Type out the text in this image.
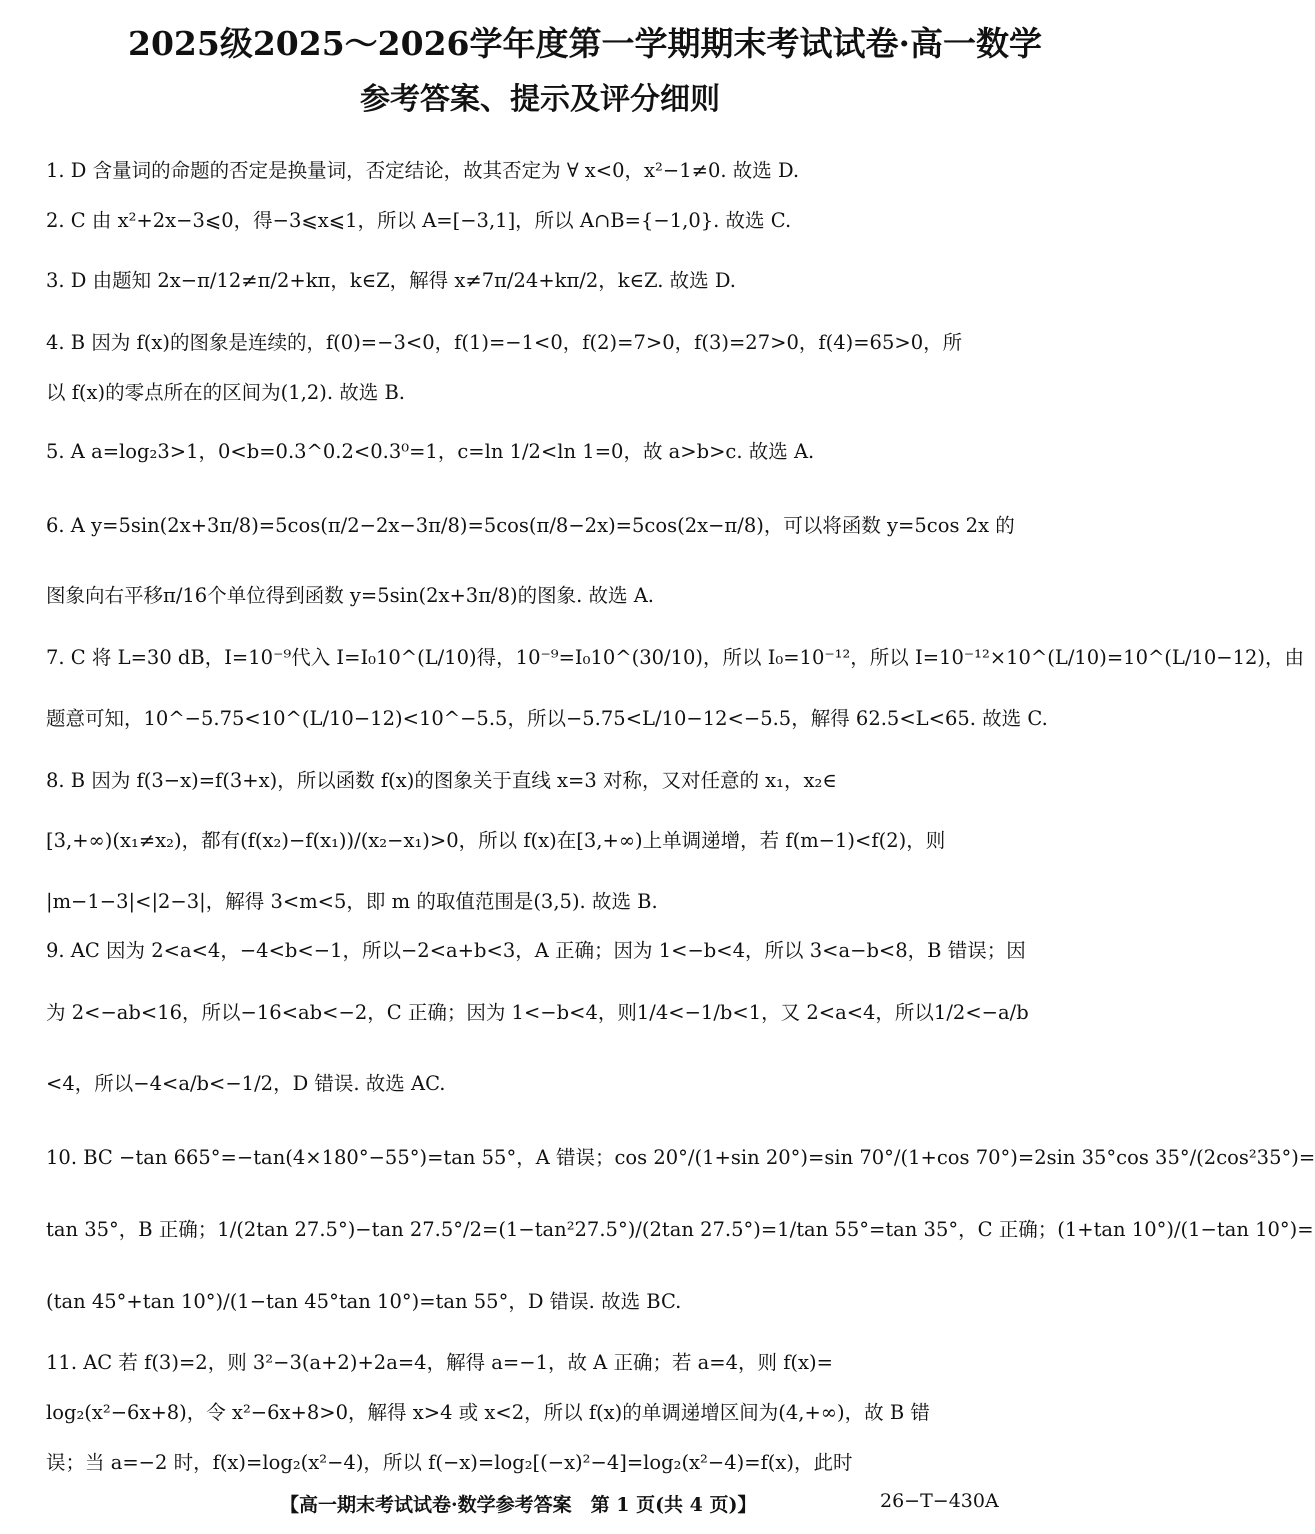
2025级2025～2026学年度第一学期期末考试试卷·高一数学
参考答案、提示及评分细则
1. D 含量词的命题的否定是换量词，否定结论，故其否定为 ∀ x<0，x²−1≠0. 故选 D.
2. C 由 x²+2x−3⩽0，得−3⩽x⩽1，所以 A=[−3,1]，所以 A∩B={−1,0}. 故选 C.
3. D 由题知 2x−π/12≠π/2+kπ，k∈Z，解得 x≠7π/24+kπ/2，k∈Z. 故选 D.
4. B 因为 f(x)的图象是连续的，f(0)=−3<0，f(1)=−1<0，f(2)=7>0，f(3)=27>0，f(4)=65>0，所
以 f(x)的零点所在的区间为(1,2). 故选 B.
5. A a=log₂3>1，0<b=0.3^0.2<0.3⁰=1，c=ln 1/2<ln 1=0，故 a>b>c. 故选 A.
6. A y=5sin(2x+3π/8)=5cos(π/2−2x−3π/8)=5cos(π/8−2x)=5cos(2x−π/8)，可以将函数 y=5cos 2x 的
图象向右平移π/16个单位得到函数 y=5sin(2x+3π/8)的图象. 故选 A.
7. C 将 L=30 dB，I=10⁻⁹代入 I=I₀10^(L/10)得，10⁻⁹=I₀10^(30/10)，所以 I₀=10⁻¹²，所以 I=10⁻¹²×10^(L/10)=10^(L/10−12)，由
题意可知，10^−5.75<10^(L/10−12)<10^−5.5，所以−5.75<L/10−12<−5.5，解得 62.5<L<65. 故选 C.
8. B 因为 f(3−x)=f(3+x)，所以函数 f(x)的图象关于直线 x=3 对称，又对任意的 x₁，x₂∈
[3,+∞)(x₁≠x₂)，都有(f(x₂)−f(x₁))/(x₂−x₁)>0，所以 f(x)在[3,+∞)上单调递增，若 f(m−1)<f(2)，则
|m−1−3|<|2−3|，解得 3<m<5，即 m 的取值范围是(3,5). 故选 B.
9. AC 因为 2<a<4，−4<b<−1，所以−2<a+b<3，A 正确；因为 1<−b<4，所以 3<a−b<8，B 错误；因
为 2<−ab<16，所以−16<ab<−2，C 正确；因为 1<−b<4，则1/4<−1/b<1，又 2<a<4，所以1/2<−a/b
<4，所以−4<a/b<−1/2，D 错误. 故选 AC.
10. BC −tan 665°=−tan(4×180°−55°)=tan 55°，A 错误；cos 20°/(1+sin 20°)=sin 70°/(1+cos 70°)=2sin 35°cos 35°/(2cos²35°)=
tan 35°，B 正确；1/(2tan 27.5°)−tan 27.5°/2=(1−tan²27.5°)/(2tan 27.5°)=1/tan 55°=tan 35°，C 正确；(1+tan 10°)/(1−tan 10°)=
(tan 45°+tan 10°)/(1−tan 45°tan 10°)=tan 55°，D 错误. 故选 BC.
11. AC 若 f(3)=2，则 3²−3(a+2)+2a=4，解得 a=−1，故 A 正确；若 a=4，则 f(x)=
log₂(x²−6x+8)，令 x²−6x+8>0，解得 x>4 或 x<2，所以 f(x)的单调递增区间为(4,+∞)，故 B 错
误；当 a=−2 时，f(x)=log₂(x²−4)，所以 f(−x)=log₂[(−x)²−4]=log₂(x²−4)=f(x)，此时
【高一期末考试试卷·数学参考答案　第 1 页(共 4 页)】	26−T−430A
